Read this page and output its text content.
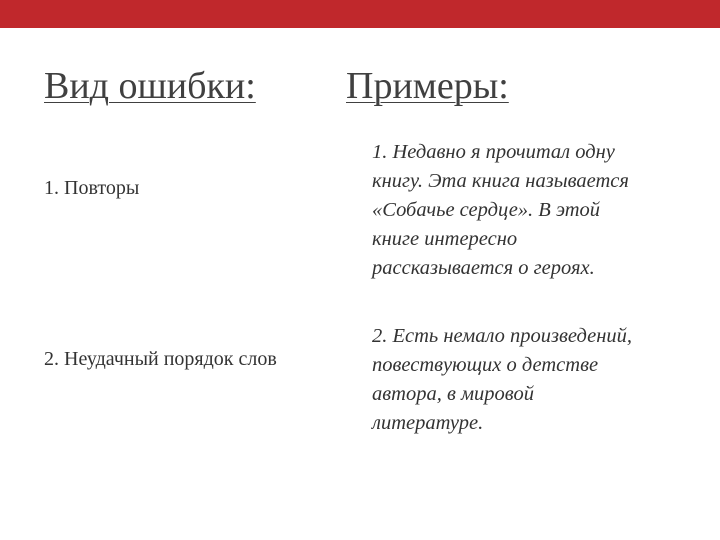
Вид ошибки: Примеры:
1. Повторы
1. Недавно я прочитал одну
книгу. Эта книга называется
«Собачье сердце». В этой
книге интересно
рассказывается о героях.
2. Неудачный порядок слов
2. Есть немало произведений,
повествующих о детстве
автора, в мировой
литературе.
